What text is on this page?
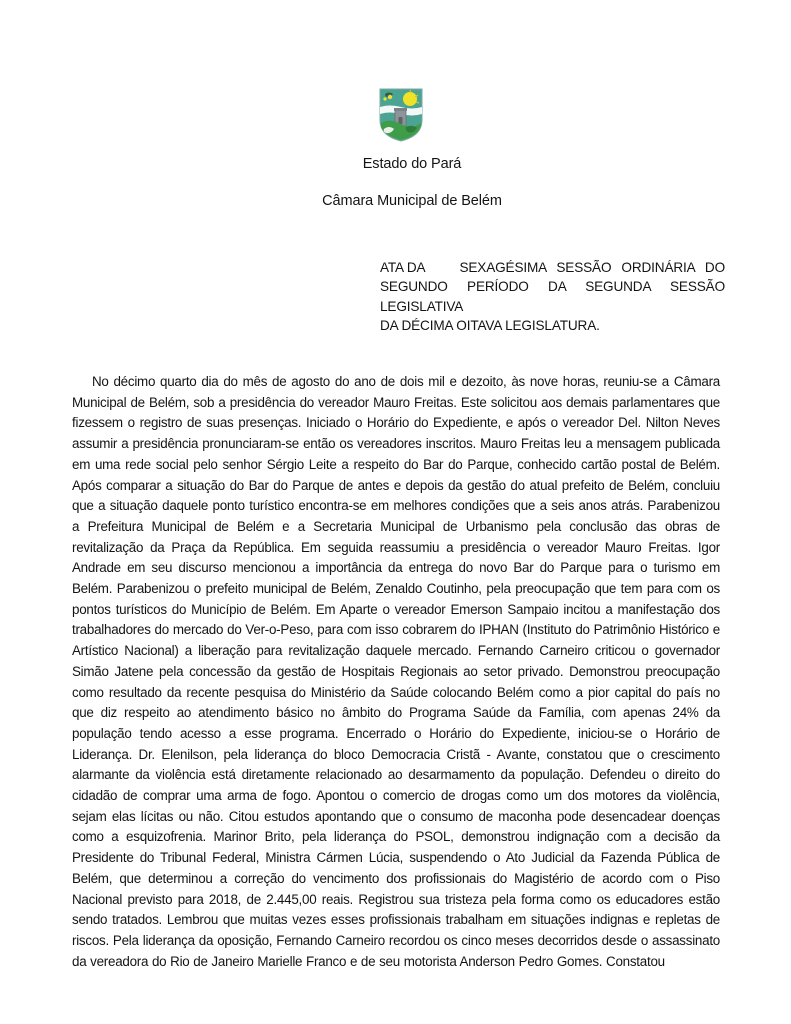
Estado do Pará
Câmara Municipal de Belém
ATA DA	SEXAGÉSIMA SESSÃO ORDINÁRIA DO
SEGUNDO PERÍODO DA SEGUNDA SESSÃO LEGISLATIVA
DA DÉCIMA OITAVA LEGISLATURA.
No décimo quarto dia do mês de agosto do ano de dois mil e dezoito, às nove horas, reuniu-se a Câmara Municipal de Belém, sob a presidência do vereador Mauro Freitas. Este solicitou aos demais parlamentares que fizessem o registro de suas presenças. Iniciado o Horário do Expediente, e após o vereador Del. Nilton Neves assumir a presidência pronunciaram-se então os vereadores inscritos. Mauro Freitas leu a mensagem publicada em uma rede social pelo senhor Sérgio Leite a respeito do Bar do Parque, conhecido cartão postal de Belém. Após comparar a situação do Bar do Parque de antes e depois da gestão do atual prefeito de Belém, concluiu que a situação daquele ponto turístico encontra-se em melhores condições que a seis anos atrás. Parabenizou a Prefeitura Municipal de Belém e a Secretaria Municipal de Urbanismo pela conclusão das obras de revitalização da Praça da República. Em seguida reassumiu a presidência o vereador Mauro Freitas. Igor Andrade em seu discurso mencionou a importância da entrega do novo Bar do Parque para o turismo em Belém. Parabenizou o prefeito municipal de Belém, Zenaldo Coutinho, pela preocupação que tem para com os pontos turísticos do Município de Belém. Em Aparte o vereador Emerson Sampaio incitou a manifestação dos trabalhadores do mercado do Ver-o-Peso, para com isso cobrarem do IPHAN (Instituto do Patrimônio Histórico e Artístico Nacional) a liberação para revitalização daquele mercado. Fernando Carneiro criticou o governador Simão Jatene pela concessão da gestão de Hospitais Regionais ao setor privado. Demonstrou preocupação como resultado da recente pesquisa do Ministério da Saúde colocando Belém como a pior capital do país no que diz respeito ao atendimento básico no âmbito do Programa Saúde da Família, com apenas 24% da população tendo acesso a esse programa. Encerrado o Horário do Expediente, iniciou-se o Horário de Liderança. Dr. Elenilson, pela liderança do bloco Democracia Cristã - Avante, constatou que o crescimento alarmante da violência está diretamente relacionado ao desarmamento da população. Defendeu o direito do cidadão de comprar uma arma de fogo. Apontou o comercio de drogas como um dos motores da violência, sejam elas lícitas ou não. Citou estudos apontando que o consumo de maconha pode desencadear doenças como a esquizofrenia. Marinor Brito, pela liderança do PSOL, demonstrou indignação com a decisão da Presidente do Tribunal Federal, Ministra Cármen Lúcia, suspendendo o Ato Judicial da Fazenda Pública de Belém, que determinou a correção do vencimento dos profissionais do Magistério de acordo com o Piso Nacional previsto para 2018, de 2.445,00 reais. Registrou sua tristeza pela forma como os educadores estão sendo tratados. Lembrou que muitas vezes esses profissionais trabalham em situações indignas e repletas de riscos. Pela liderança da oposição, Fernando Carneiro recordou os cinco meses decorridos desde o assassinato da vereadora do Rio de Janeiro Marielle Franco e de seu motorista Anderson Pedro Gomes. Constatou
